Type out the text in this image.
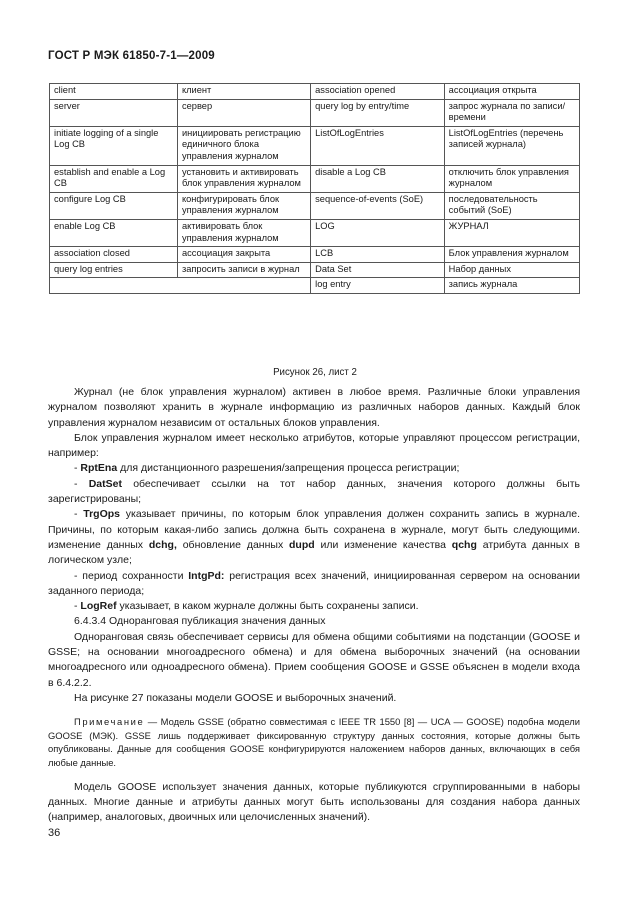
ГОСТ Р МЭК 61850-7-1—2009
client	клиент	association opened	ассоциация открыта
server	сервер	query log by entry/time	запрос журнала по записи/времени
initiate logging of a single Log CB	инициировать регистрацию единичного блока управления журналом	ListOfLogEntries	ListOfLogEntries (перечень записей журнала)
establish and enable a Log CB	установить и активировать блок управления журналом	disable a Log CB	отключить блок управления журналом
configure Log CB	конфигурировать блок управления журналом	sequence-of-events (SoE)	последовательность событий (SoE)
enable Log CB	активировать блок управления журналом	LOG	ЖУРНАЛ
association closed	ассоциация закрыта	LCB	Блок управления журналом
query log entries	запросить записи в журнал	Data Set	Набор данных
		log entry	запись журнала
Рисунок 26, лист 2

Журнал (не блок управления журналом) активен в любое время. Различные блоки управления журналом позволяют хранить в журнале информацию из различных наборов данных. Каждый блок управления журналом независим от остальных блоков управления.

Блок управления журналом имеет несколько атрибутов, которые управляют процессом регистрации, например:

- RptEna для дистанционного разрешения/запрещения процесса регистрации;

- DatSet обеспечивает ссылки на тот набор данных, значения которого должны быть зарегистрированы;

- TrgOps указывает причины, по которым блок управления должен сохранить запись в журнале. Причины, по которым какая-либо запись должна быть сохранена в журнале, могут быть следующими. изменение данных dchg, обновление данных dupd или изменение качества qchg атрибута данных в логическом узле;

- период сохранности IntgPd: регистрация всех значений, инициированная сервером на основании заданного периода;

- LogRef указывает, в каком журнале должны быть сохранены записи.

6.4.3.4 Одноранговая публикация значения данных

Одноранговая связь обеспечивает сервисы для обмена общими событиями на подстанции (GOOSE и GSSE; на основании многоадресного обмена) и для обмена выборочных значений (на основании многоадресного или одноадресного обмена). Прием сообщения GOOSE и GSSE объяснен в модели входа в 6.4.2.2.

На рисунке 27 показаны модели GOOSE и выборочных значений.

Примечание — Модель GSSE (обратно совместимая с IEEE TR 1550 [8] — UCA — GOOSE) подобна модели GOOSE (МЭК). GSSE лишь поддерживает фиксированную структуру данных состояния, которые должны быть опубликованы. Данные для сообщения GOOSE конфигурируются наложением наборов данных, включающих в себя любые данные.

Модель GOOSE использует значения данных, которые публикуются сгруппированными в наборы данных. Многие данные и атрибуты данных могут быть использованы для создания набора данных (например, аналоговых, двоичных или целочисленных значений).

36
